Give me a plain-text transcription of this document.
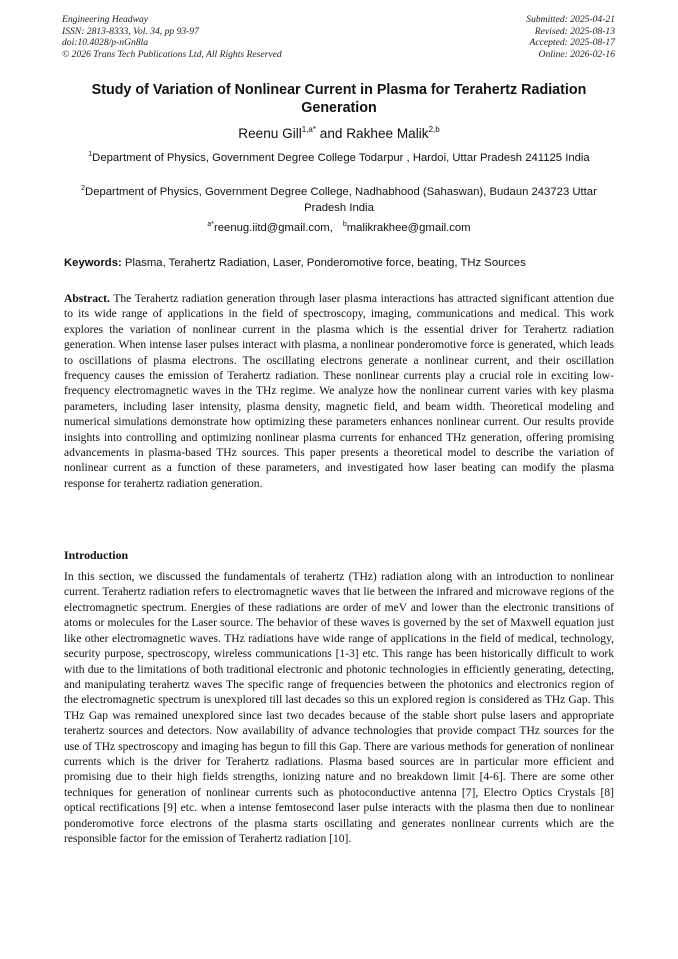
Engineering Headway
ISSN: 2813-8333, Vol. 34, pp 93-97
doi:10.4028/p-nGn8la
© 2026 Trans Tech Publications Ltd, All Rights Reserved
Submitted: 2025-04-21
Revised: 2025-08-13
Accepted: 2025-08-17
Online: 2026-02-16
Study of Variation of Nonlinear Current in Plasma for Terahertz Radiation Generation
Reenu Gill$^{1,a*}$ and Rakhee Malik$^{2,b}$
$^1$Department of Physics, Government Degree College Todarpur , Hardoi, Uttar Pradesh 241125 India
$^2$Department of Physics, Government Degree College, Nadhabhood (Sahaswan), Budaun 243723 Uttar Pradesh India
$^{a*}$reenug.iitd@gmail.com, $^b$malikrakhee@gmail.com
Keywords: Plasma, Terahertz Radiation, Laser, Ponderomotive force, beating, THz Sources
Abstract. The Terahertz radiation generation through laser plasma interactions has attracted significant attention due to its wide range of applications in the field of spectroscopy, imaging, communications and medical. This work explores the variation of nonlinear current in the plasma which is the essential driver for Terahertz radiation generation. When intense laser pulses interact with plasma, a nonlinear ponderomotive force is generated, which leads to oscillations of plasma electrons. The oscillating electrons generate a nonlinear current, and their oscillation frequency causes the emission of Terahertz radiation. These nonlinear currents play a crucial role in exciting low-frequency electromagnetic waves in the THz regime. We analyze how the nonlinear current varies with key plasma parameters, including laser intensity, plasma density, magnetic field, and beam width. Theoretical modeling and numerical simulations demonstrate how optimizing these parameters enhances nonlinear current. Our results provide insights into controlling and optimizing nonlinear plasma currents for enhanced THz generation, offering promising advancements in plasma-based THz sources. This paper presents a theoretical model to describe the variation of nonlinear current as a function of these parameters, and investigated how laser beating can modify the plasma response for terahertz radiation generation.
Introduction
In this section, we discussed the fundamentals of terahertz (THz) radiation along with an introduction to nonlinear current. Terahertz radiation refers to electromagnetic waves that lie between the infrared and microwave regions of the electromagnetic spectrum. Energies of these radiations are order of meV and lower than the electronic transitions of atoms or molecules for the Laser source. The behavior of these waves is governed by the set of Maxwell equation just like other electromagnetic waves. THz radiations have wide range of applications in the field of medical, technology, security purpose, spectroscopy, wireless communications [1-3] etc. This range has been historically difficult to work with due to the limitations of both traditional electronic and photonic technologies in efficiently generating, detecting, and manipulating terahertz waves The specific range of frequencies between the photonics and electronics region of the electromagnetic spectrum is unexplored till last decades so this un explored region is considered as THz Gap. This THz Gap was remained unexplored since last two decades because of the stable short pulse lasers and appropriate terahertz sources and detectors. Now availability of advance technologies that provide compact THz sources for the use of THz spectroscopy and imaging has begun to fill this Gap. There are various methods for generation of nonlinear currents which is the driver for Terahertz radiations. Plasma based sources are in particular more efficient and promising due to their high fields strengths, ionizing nature and no breakdown limit [4-6]. There are some other techniques for generation of nonlinear currents such as photoconductive antenna [7], Electro Optics Crystals [8] optical rectifications [9] etc. when a intense femtosecond laser pulse interacts with the plasma then due to nonlinear ponderomotive force electrons of the plasma starts oscillating and generates nonlinear currents which are the responsible factor for the emission of Terahertz radiation [10].
